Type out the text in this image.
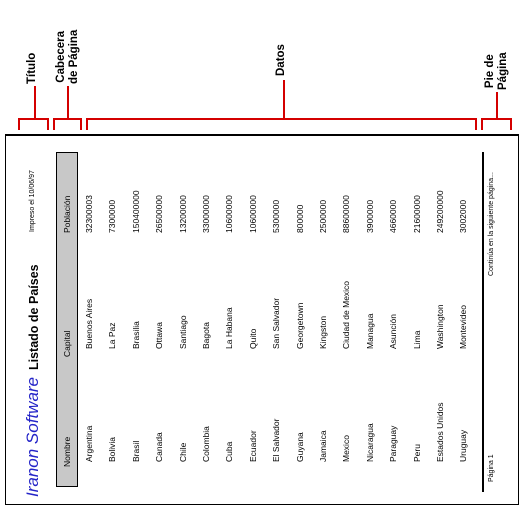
Título Cabecera de Página	Datos	Pie de Página
Iranon Software
Listado de Países
Impreso el 10/06/97
Nombre
Capital
Población
Argentina
Buenos Aires
32300003
Bolivia
La Paz
7300000
Brasil
Brasilia
150400000
Canada
Ottawa
26500000
Chile
Santiago
13200000
Colombia
Bagota
33000000
Cuba
La Habana
10600000
Ecuador
Quito
10600000
El Salvador
San Salvador
5300000
Guyana
Georgetown
800000
Jamaica
Kingston
2500000
Mexico
Ciudad de Mexico
88600000
Nicaragua
Managua
3900000
Paraguay
Asunción
4660000
Peru
Lima
21600000
Estados Unidos
Washington
249200000
Uruguay
Montevideo
3002000
Página 1
Continúa en la siguiente página...
